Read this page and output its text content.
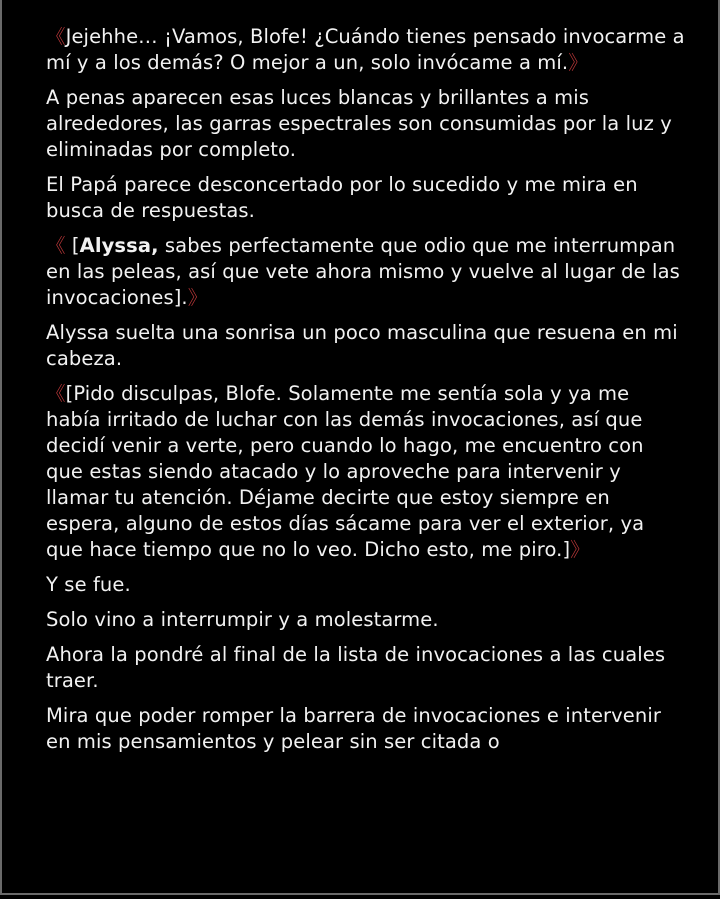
《Jejehhe… ¡Vamos, Blofe! ¿Cuándo tienes pensado invocarme a mí y a los demás? O mejor a un, solo invócame a mí.》

A penas aparecen esas luces blancas y brillantes a mis alrededores, las garras espectrales son consumidas por la luz y eliminadas por completo.

El Papá parece desconcertado por lo sucedido y me mira en busca de respuestas.

《 [Alyssa, sabes perfectamente que odio que me interrumpan en las peleas, así que vete ahora mismo y vuelve al lugar de las invocaciones].》

Alyssa suelta una sonrisa un poco masculina que resuena en mi cabeza.

《[Pido disculpas, Blofe. Solamente me sentía sola y ya me había irritado de luchar con las demás invocaciones, así que decidí venir a verte, pero cuando lo hago, me encuentro con que estas siendo atacado y lo aproveche para intervenir y llamar tu atención. Déjame decirte que estoy siempre en espera, alguno de estos días sácame para ver el exterior, ya que hace tiempo que no lo veo. Dicho esto, me piro.]》

Y se fue.

Solo vino a interrumpir y a molestarme.

Ahora la pondré al final de la lista de invocaciones a las cuales traer.

Mira que poder romper la barrera de invocaciones e intervenir en mis pensamientos y pelear sin ser citada o
